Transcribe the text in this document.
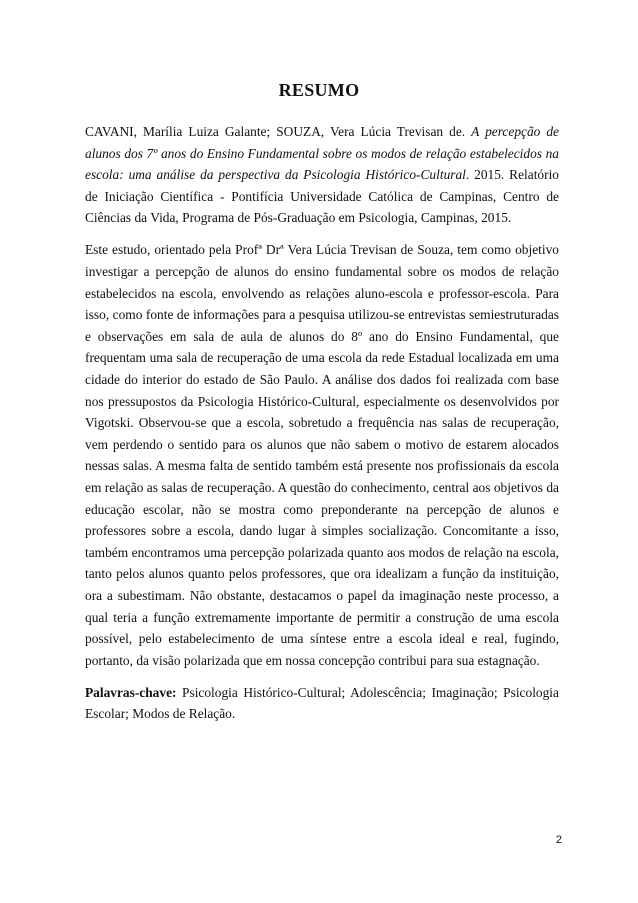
RESUMO

CAVANI, Marília Luiza Galante; SOUZA, Vera Lúcia Trevisan de. A percepção de alunos dos 7º anos do Ensino Fundamental sobre os modos de relação estabelecidos na escola: uma análise da perspectiva da Psicologia Histórico-Cultural. 2015. Relatório de Iniciação Científica - Pontifícia Universidade Católica de Campinas, Centro de Ciências da Vida, Programa de Pós-Graduação em Psicologia, Campinas, 2015.

Este estudo, orientado pela Profª Drª Vera Lúcia Trevisan de Souza, tem como objetivo investigar a percepção de alunos do ensino fundamental sobre os modos de relação estabelecidos na escola, envolvendo as relações aluno-escola e professor-escola. Para isso, como fonte de informações para a pesquisa utilizou-se entrevistas semiestruturadas e observações em sala de aula de alunos do 8º ano do Ensino Fundamental, que frequentam uma sala de recuperação de uma escola da rede Estadual localizada em uma cidade do interior do estado de São Paulo. A análise dos dados foi realizada com base nos pressupostos da Psicologia Histórico-Cultural, especialmente os desenvolvidos por Vigotski. Observou-se que a escola, sobretudo a frequência nas salas de recuperação, vem perdendo o sentido para os alunos que não sabem o motivo de estarem alocados nessas salas. A mesma falta de sentido também está presente nos profissionais da escola em relação as salas de recuperação. A questão do conhecimento, central aos objetivos da educação escolar, não se mostra como preponderante na percepção de alunos e professores sobre a escola, dando lugar à simples socialização. Concomitante a isso, também encontramos uma percepção polarizada quanto aos modos de relação na escola, tanto pelos alunos quanto pelos professores, que ora idealizam a função da instituição, ora a subestimam. Não obstante, destacamos o papel da imaginação neste processo, a qual teria a função extremamente importante de permitir a construção de uma escola possível, pelo estabelecimento de uma síntese entre a escola ideal e real, fugindo, portanto, da visão polarizada que em nossa concepção contribui para sua estagnação.

Palavras-chave: Psicologia Histórico-Cultural; Adolescência; Imaginação; Psicologia Escolar; Modos de Relação.

2
